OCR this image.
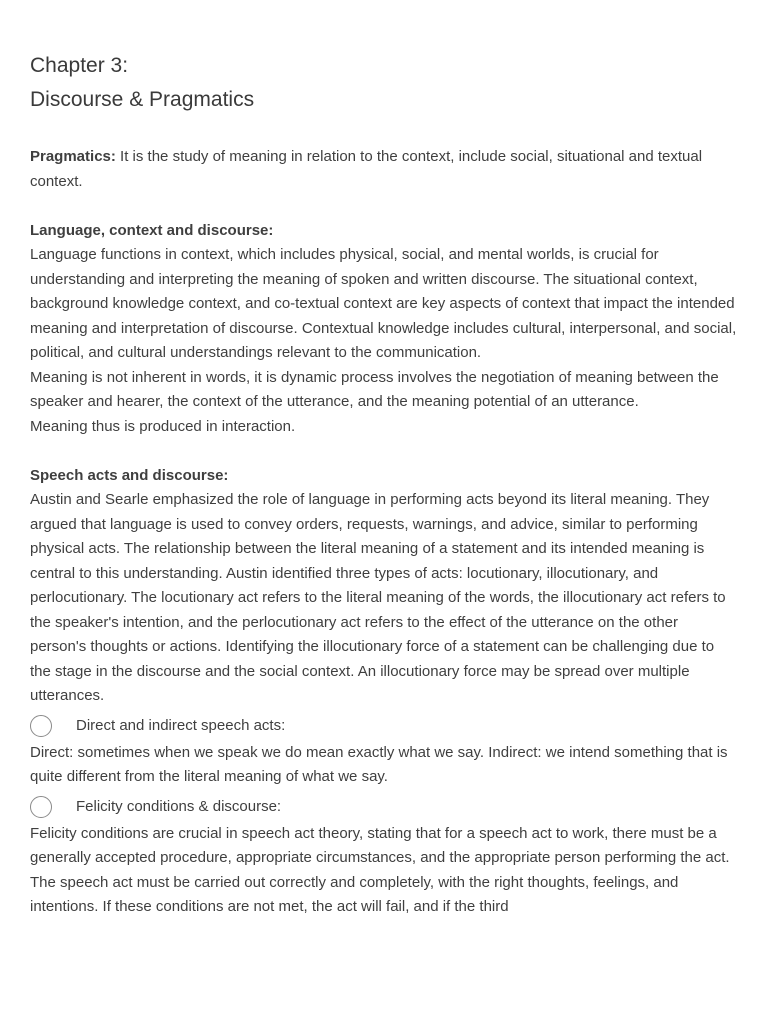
Chapter 3:
Discourse & Pragmatics

Pragmatics: It is the study of meaning in relation to the context, include social, situational and textual context.

Language, context and discourse:

Language functions in context, which includes physical, social, and mental worlds, is crucial for understanding and interpreting the meaning of spoken and written discourse. The situational context, background knowledge context, and co-textual context are key aspects of context that impact the intended meaning and interpretation of discourse. Contextual knowledge includes cultural, interpersonal, and social, political, and cultural understandings relevant to the communication.

Meaning is not inherent in words, it is dynamic process involves the negotiation of meaning between the speaker and hearer, the context of the utterance, and the meaning potential of an utterance.

Meaning thus is produced in interaction.

Speech acts and discourse:

Austin and Searle emphasized the role of language in performing acts beyond its literal meaning. They argued that language is used to convey orders, requests, warnings, and advice, similar to performing physical acts. The relationship between the literal meaning of a statement and its intended meaning is central to this understanding. Austin identified three types of acts: locutionary, illocutionary, and perlocutionary. The locutionary act refers to the literal meaning of the words, the illocutionary act refers to the speaker's intention, and the perlocutionary act refers to the effect of the utterance on the other person's thoughts or actions. Identifying the illocutionary force of a statement can be challenging due to the stage in the discourse and the social context. An illocutionary force may be spread over multiple utterances.

Direct and indirect speech acts:

Direct: sometimes when we speak we do mean exactly what we say. Indirect: we intend something that is quite different from the literal meaning of what we say.

Felicity conditions & discourse:

Felicity conditions are crucial in speech act theory, stating that for a speech act to work, there must be a generally accepted procedure, appropriate circumstances, and the appropriate person performing the act. The speech act must be carried out correctly and completely, with the right thoughts, feelings, and intentions. If these conditions are not met, the act will fail, and if the third
